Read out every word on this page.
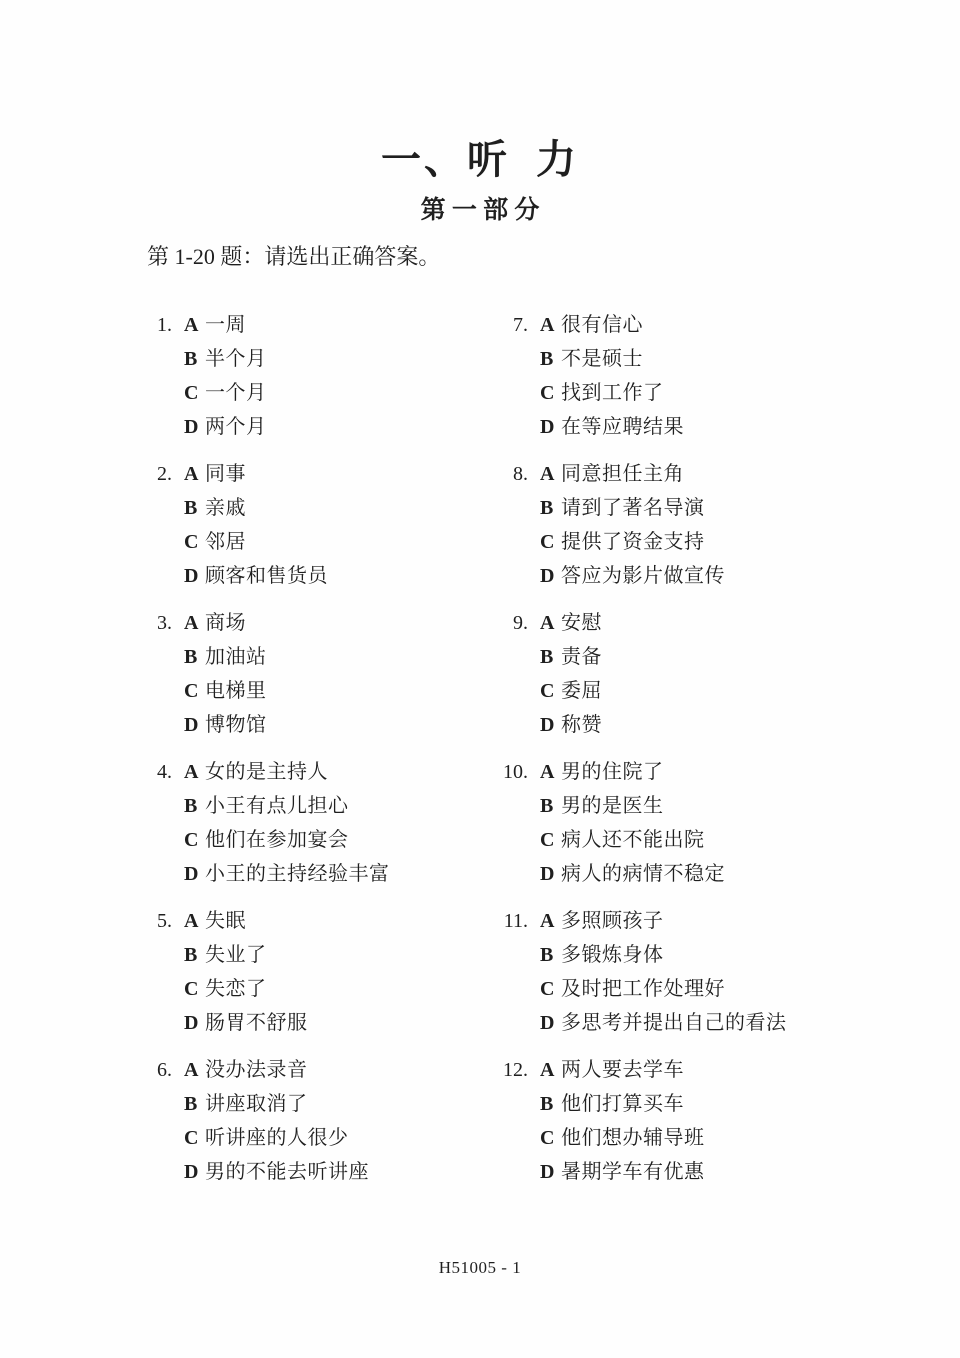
一、听  力
第 一 部 分
第 1-20 题：请选出正确答案。
1. A 一周
B 半个月
C 一个月
D 两个月
2. A 同事
B 亲戚
C 邻居
D 顾客和售货员
3. A 商场
B 加油站
C 电梯里
D 博物馆
4. A 女的是主持人
B 小王有点儿担心
C 他们在参加宴会
D 小王的主持经验丰富
5. A 失眠
B 失业了
C 失恋了
D 肠胃不舒服
6. A 没办法录音
B 讲座取消了
C 听讲座的人很少
D 男的不能去听讲座
7. A 很有信心
B 不是硕士
C 找到工作了
D 在等应聘结果
8. A 同意担任主角
B 请到了著名导演
C 提供了资金支持
D 答应为影片做宣传
9. A 安慰
B 责备
C 委屈
D 称赞
10. A 男的住院了
B 男的是医生
C 病人还不能出院
D 病人的病情不稳定
11. A 多照顾孩子
B 多锻炼身体
C 及时把工作处理好
D 多思考并提出自己的看法
12. A 两人要去学车
B 他们打算买车
C 他们想办辅导班
D 暑期学车有优惠
H51005 - 1
